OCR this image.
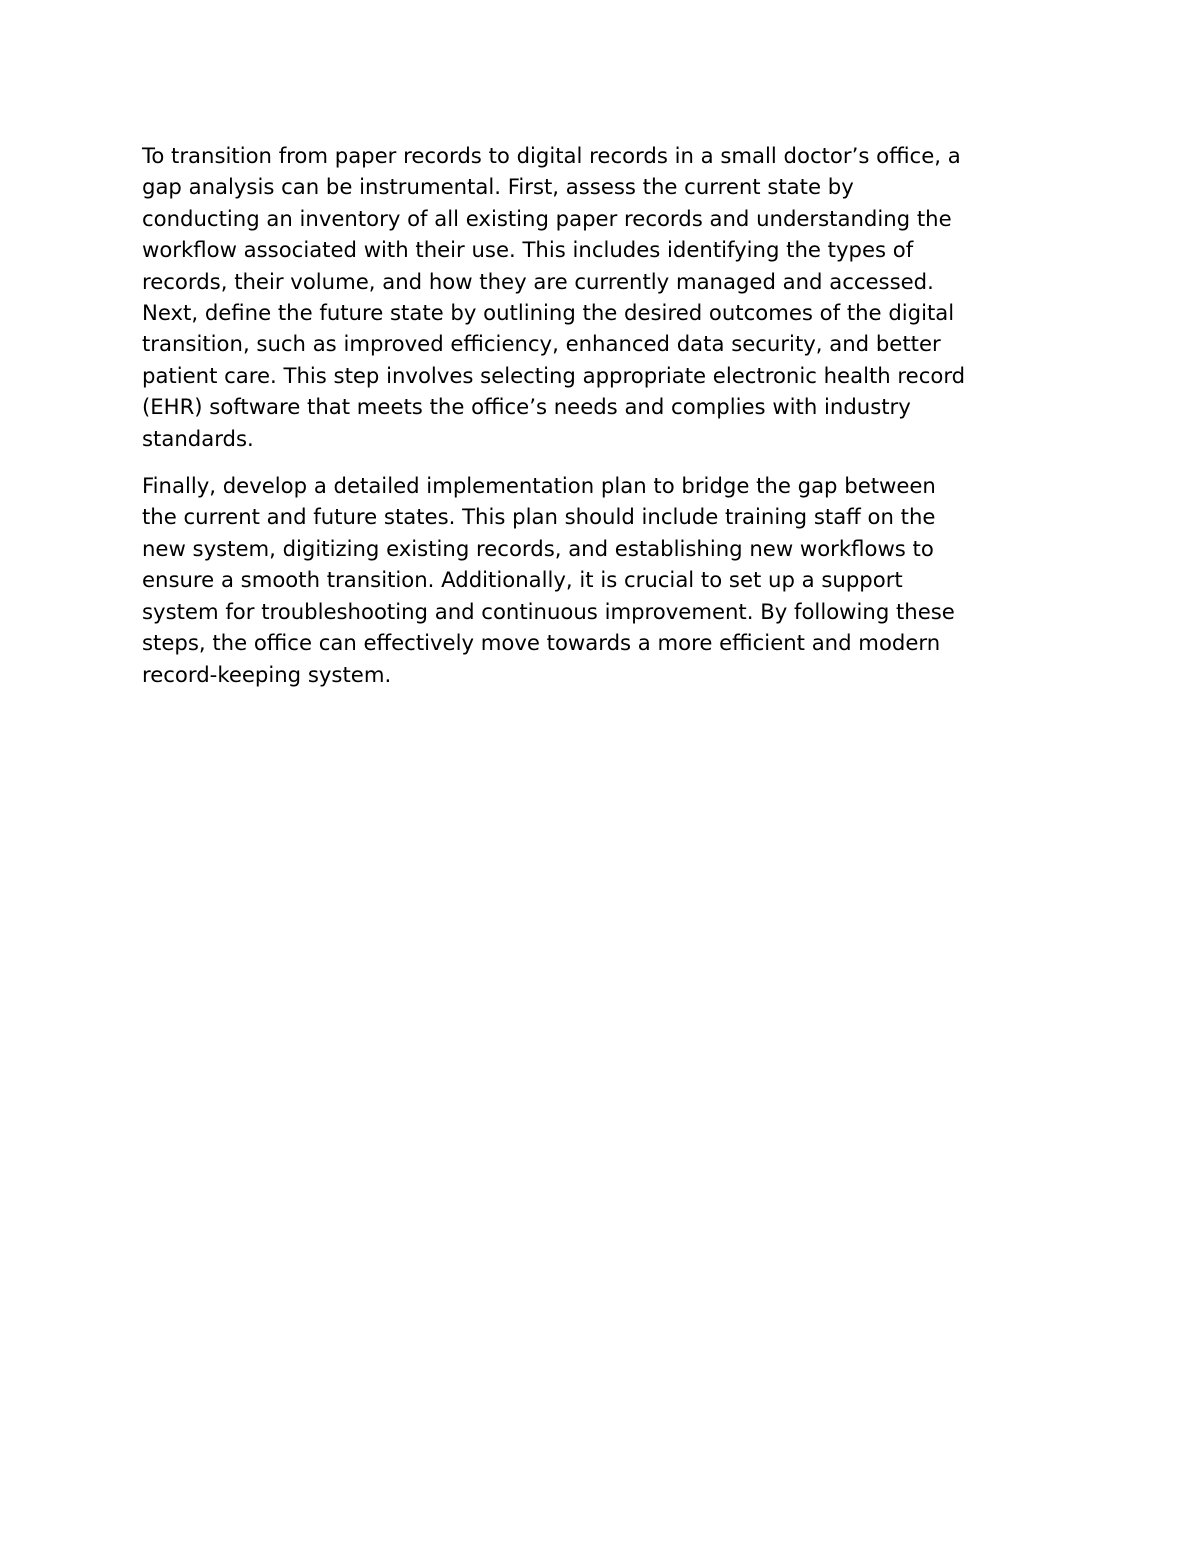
To transition from paper records to digital records in a small doctor’s office, a
gap analysis can be instrumental. First, assess the current state by
conducting an inventory of all existing paper records and understanding the
workflow associated with their use. This includes identifying the types of
records, their volume, and how they are currently managed and accessed.
Next, define the future state by outlining the desired outcomes of the digital
transition, such as improved efficiency, enhanced data security, and better
patient care. This step involves selecting appropriate electronic health record
(EHR) software that meets the office’s needs and complies with industry
standards.

Finally, develop a detailed implementation plan to bridge the gap between
the current and future states. This plan should include training staff on the
new system, digitizing existing records, and establishing new workflows to
ensure a smooth transition. Additionally, it is crucial to set up a support
system for troubleshooting and continuous improvement. By following these
steps, the office can effectively move towards a more efficient and modern
record-keeping system.
